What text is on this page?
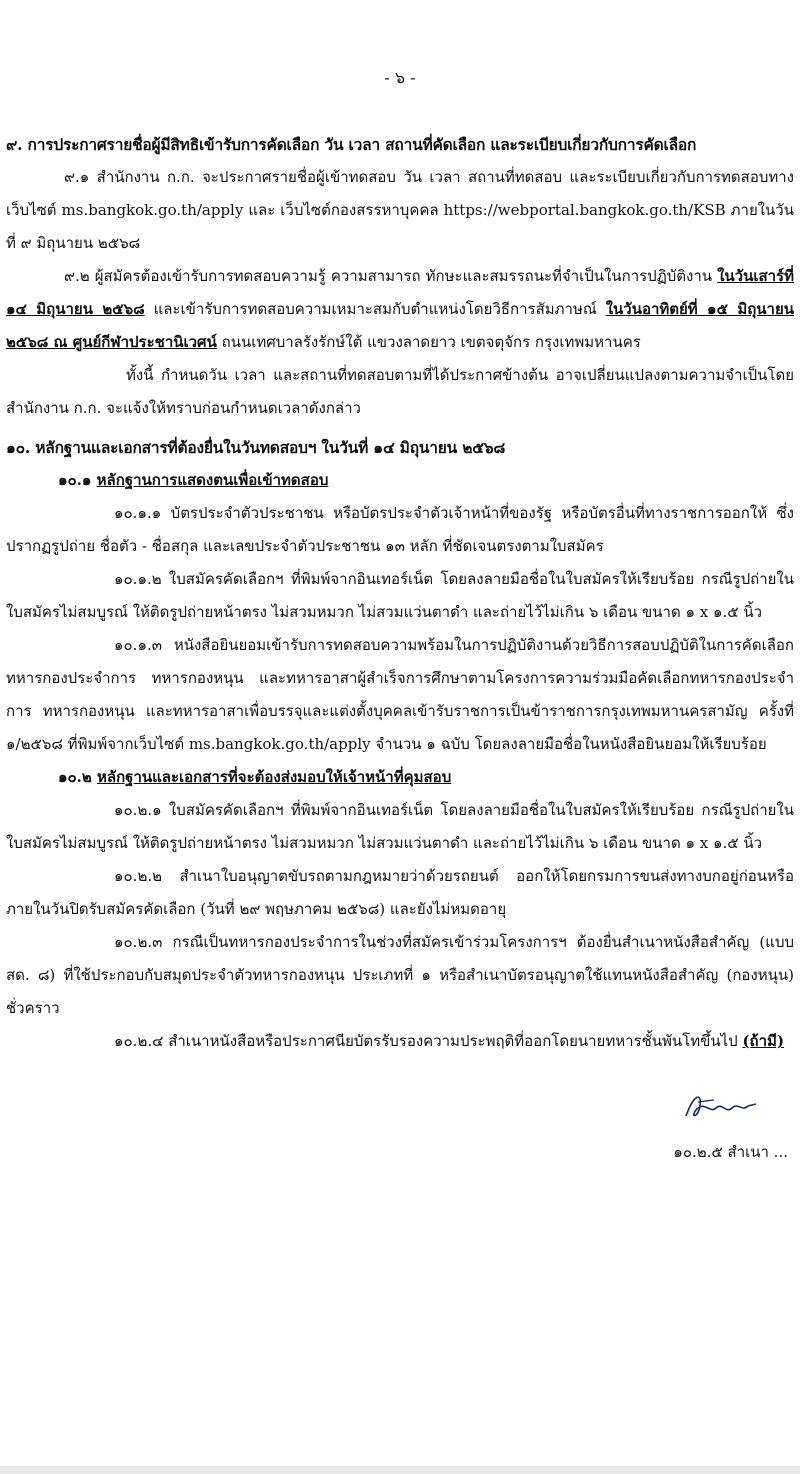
- ๖ -

๙. การประกาศรายชื่อผู้มีสิทธิเข้ารับการคัดเลือก วัน เวลา สถานที่คัดเลือก และระเบียบเกี่ยวกับการคัดเลือก

๙.๑ สำนักงาน ก.ก. จะประกาศรายชื่อผู้เข้าทดสอบ วัน เวลา สถานที่ทดสอบ และระเบียบเกี่ยวกับการทดสอบทางเว็บไซต์ ms.bangkok.go.th/apply และ เว็บไซต์กองสรรหาบุคคล https://webportal.bangkok.go.th/KSB ภายในวันที่ ๙ มิถุนายน ๒๕๖๘

๙.๒ ผู้สมัครต้องเข้ารับการทดสอบความรู้ ความสามารถ ทักษะและสมรรถนะที่จำเป็นในการปฏิบัติงาน ในวันเสาร์ที่ ๑๔ มิถุนายน ๒๕๖๘ และเข้ารับการทดสอบความเหมาะสมกับตำแหน่งโดยวิธีการสัมภาษณ์ ในวันอาทิตย์ที่ ๑๕ มิถุนายน ๒๕๖๘ ณ ศูนย์กีฬาประชานิเวศน์ ถนนเทศบาลรังรักษ์ใต้ แขวงลาดยาว เขตจตุจักร กรุงเทพมหานคร

ทั้งนี้ กำหนดวัน เวลา และสถานที่ทดสอบตามที่ได้ประกาศข้างต้น อาจเปลี่ยนแปลงตามความจำเป็นโดยสำนักงาน ก.ก. จะแจ้งให้ทราบก่อนกำหนดเวลาดังกล่าว

๑๐. หลักฐานและเอกสารที่ต้องยื่นในวันทดสอบฯ ในวันที่ ๑๔ มิถุนายน ๒๕๖๘

๑๐.๑ หลักฐานการแสดงตนเพื่อเข้าทดสอบ

๑๐.๑.๑ บัตรประจำตัวประชาชน หรือบัตรประจำตัวเจ้าหน้าที่ของรัฐ หรือบัตรอื่นที่ทางราชการออกให้ ซึ่งปรากฏรูปถ่าย ชื่อตัว - ชื่อสกุล และเลขประจำตัวประชาชน ๑๓ หลัก ที่ชัดเจนตรงตามใบสมัคร

๑๐.๑.๒ ใบสมัครคัดเลือกฯ ที่พิมพ์จากอินเทอร์เน็ต โดยลงลายมือชื่อในใบสมัครให้เรียบร้อย กรณีรูปถ่ายในใบสมัครไม่สมบูรณ์ ให้ติดรูปถ่ายหน้าตรง ไม่สวมหมวก ไม่สวมแว่นตาดำ และถ่ายไว้ไม่เกิน ๖ เดือน ขนาด ๑ x ๑.๕ นิ้ว

๑๐.๑.๓ หนังสือยินยอมเข้ารับการทดสอบความพร้อมในการปฏิบัติงานด้วยวิธีการสอบปฏิบัติในการคัดเลือกทหารกองประจำการ ทหารกองหนุน และทหารอาสาผู้สำเร็จการศึกษาตามโครงการความร่วมมือคัดเลือกทหารกองประจำการ ทหารกองหนุน และทหารอาสาเพื่อบรรจุและแต่งตั้งบุคคลเข้ารับราชการเป็นข้าราชการกรุงเทพมหานครสามัญ ครั้งที่ ๑/๒๕๖๘ ที่พิมพ์จากเว็บไซต์ ms.bangkok.go.th/apply จำนวน ๑ ฉบับ โดยลงลายมือชื่อในหนังสือยินยอมให้เรียบร้อย

๑๐.๒ หลักฐานและเอกสารที่จะต้องส่งมอบให้เจ้าหน้าที่คุมสอบ

๑๐.๒.๑ ใบสมัครคัดเลือกฯ ที่พิมพ์จากอินเทอร์เน็ต โดยลงลายมือชื่อในใบสมัครให้เรียบร้อย กรณีรูปถ่ายในใบสมัครไม่สมบูรณ์ ให้ติดรูปถ่ายหน้าตรง ไม่สวมหมวก ไม่สวมแว่นตาดำ และถ่ายไว้ไม่เกิน ๖ เดือน ขนาด ๑ x ๑.๕ นิ้ว

๑๐.๒.๒ สำเนาใบอนุญาตขับรถตามกฎหมายว่าด้วยรถยนต์ ออกให้โดยกรมการขนส่งทางบกอยู่ก่อนหรือภายในวันปิดรับสมัครคัดเลือก (วันที่ ๒๙ พฤษภาคม ๒๕๖๘) และยังไม่หมดอายุ

๑๐.๒.๓ กรณีเป็นทหารกองประจำการในช่วงที่สมัครเข้าร่วมโครงการฯ ต้องยื่นสำเนาหนังสือสำคัญ (แบบ สด. ๘) ที่ใช้ประกอบกับสมุดประจำตัวทหารกองหนุน ประเภทที่ ๑ หรือสำเนาบัตรอนุญาตใช้แทนหนังสือสำคัญ (กองหนุน) ชั่วคราว

๑๐.๒.๔ สำเนาหนังสือหรือประกาศนียบัตรรับรองความประพฤติที่ออกโดยนายทหารชั้นพันโทขึ้นไป (ถ้ามี)

๑๐.๒.๕ สำเนา ...
